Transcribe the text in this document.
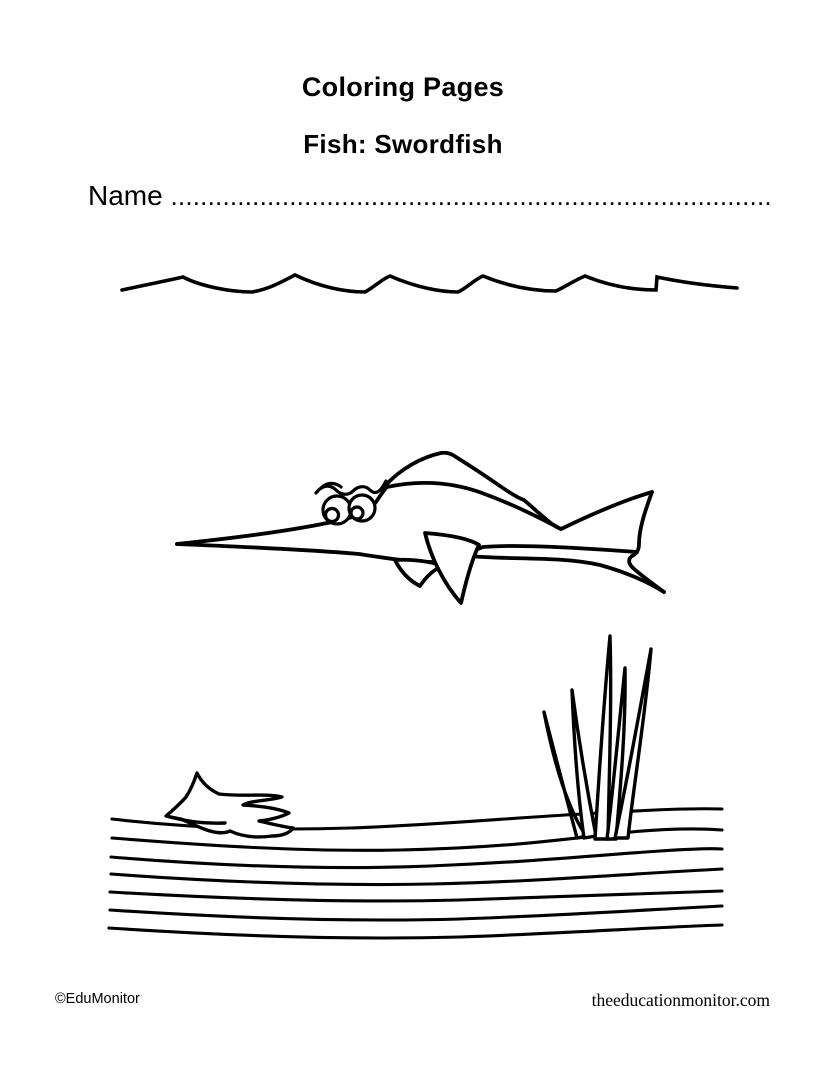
Coloring Pages
Fish: Swordfish
Name .................................................................................
©EduMonitor	theeducationmonitor.com
